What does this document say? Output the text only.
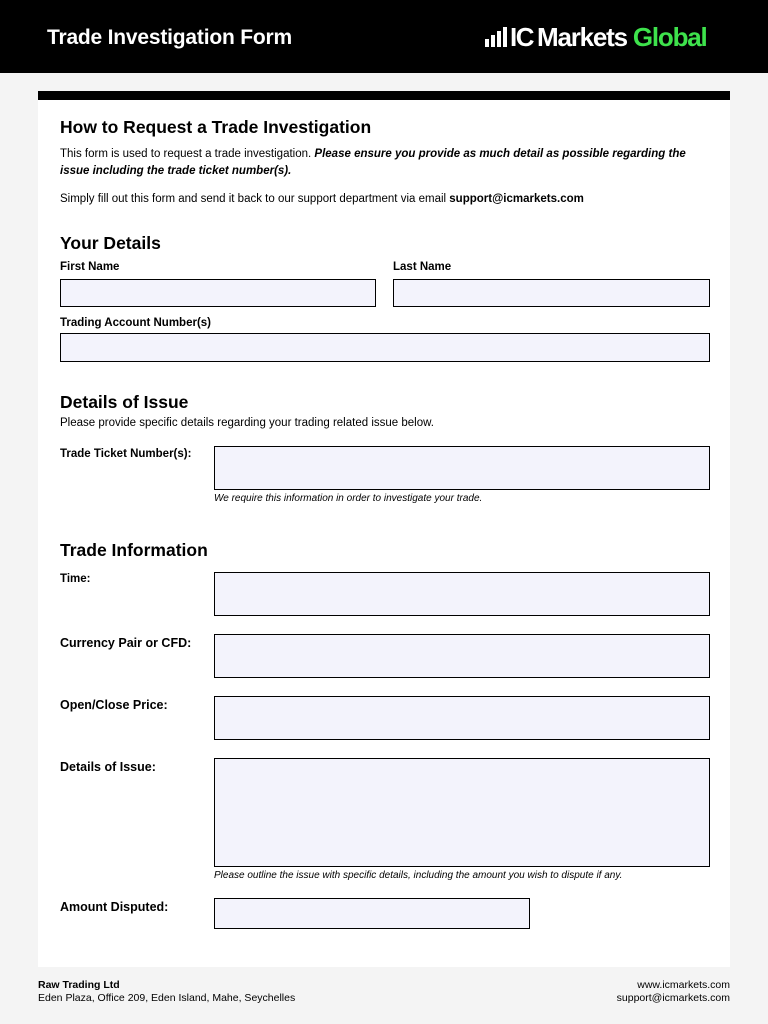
Trade Investigation Form	IC Markets Global
How to Request a Trade Investigation
This form is used to request a trade investigation. Please ensure you provide as much detail as possible regarding the issue including the trade ticket number(s).
Simply fill out this form and send it back to our support department via email support@icmarkets.com
Your Details
First Name	Last Name
Trading Account Number(s)
Details of Issue
Please provide specific details regarding your trading related issue below.
Trade Ticket Number(s):
We require this information in order to investigate your trade.
Trade Information
Time:
Currency Pair or CFD:
Open/Close Price:
Details of Issue:
Please outline the issue with specific details, including the amount you wish to dispute if any.
Amount Disputed:
Raw Trading Ltd
Eden Plaza, Office 209, Eden Island, Mahe, Seychelles
www.icmarkets.com
support@icmarkets.com
